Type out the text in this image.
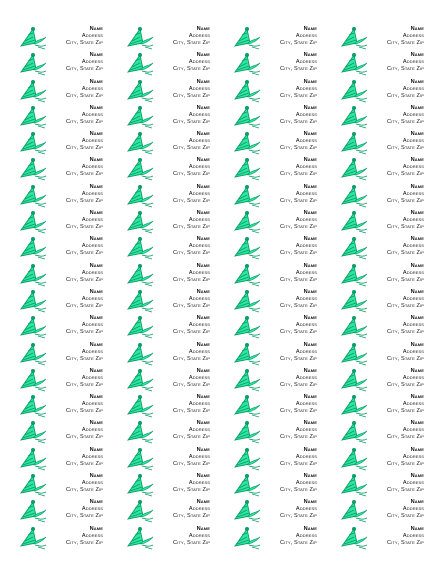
Name
Address
City, State Zip
Name
Address
City, State Zip
Name
Address
City, State Zip
Name
Address
City, State Zip
Name
Address
City, State Zip
Name
Address
City, State Zip
Name
Address
City, State Zip
Name
Address
City, State Zip
Name
Address
City, State Zip
Name
Address
City, State Zip
Name
Address
City, State Zip
Name
Address
City, State Zip
Name
Address
City, State Zip
Name
Address
City, State Zip
Name
Address
City, State Zip
Name
Address
City, State Zip
Name
Address
City, State Zip
Name
Address
City, State Zip
Name
Address
City, State Zip
Name
Address
City, State Zip
Name
Address
City, State Zip
Name
Address
City, State Zip
Name
Address
City, State Zip
Name
Address
City, State Zip
Name
Address
City, State Zip
Name
Address
City, State Zip
Name
Address
City, State Zip
Name
Address
City, State Zip
Name
Address
City, State Zip
Name
Address
City, State Zip
Name
Address
City, State Zip
Name
Address
City, State Zip
Name
Address
City, State Zip
Name
Address
City, State Zip
Name
Address
City, State Zip
Name
Address
City, State Zip
Name
Address
City, State Zip
Name
Address
City, State Zip
Name
Address
City, State Zip
Name
Address
City, State Zip
Name
Address
City, State Zip
Name
Address
City, State Zip
Name
Address
City, State Zip
Name
Address
City, State Zip
Name
Address
City, State Zip
Name
Address
City, State Zip
Name
Address
City, State Zip
Name
Address
City, State Zip
Name
Address
City, State Zip
Name
Address
City, State Zip
Name
Address
City, State Zip
Name
Address
City, State Zip
Name
Address
City, State Zip
Name
Address
City, State Zip
Name
Address
City, State Zip
Name
Address
City, State Zip
Name
Address
City, State Zip
Name
Address
City, State Zip
Name
Address
City, State Zip
Name
Address
City, State Zip
Name
Address
City, State Zip
Name
Address
City, State Zip
Name
Address
City, State Zip
Name
Address
City, State Zip
Name
Address
City, State Zip
Name
Address
City, State Zip
Name
Address
City, State Zip
Name
Address
City, State Zip
Name
Address
City, State Zip
Name
Address
City, State Zip
Name
Address
City, State Zip
Name
Address
City, State Zip
Name
Address
City, State Zip
Name
Address
City, State Zip
Name
Address
City, State Zip
Name
Address
City, State Zip
Name
Address
City, State Zip
Name
Address
City, State Zip
Name
Address
City, State Zip
Name
Address
City, State Zip
